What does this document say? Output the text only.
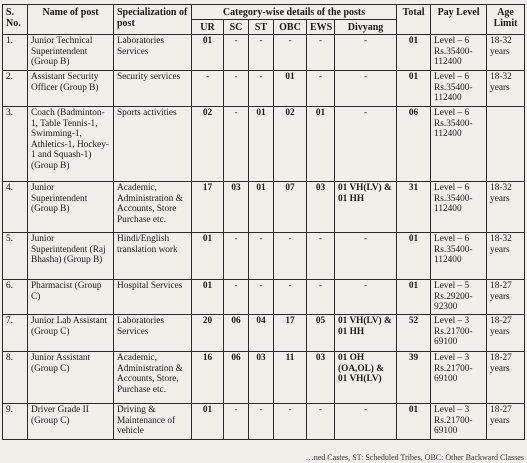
S. No.	Name of post	Specialization of post	Category-wise details of the posts						Total	Pay Level	Age Limit
			UR	SC	ST	OBC	EWS	Divyang			
1.	Junior Technical Superintendent (Group B)	Laboratories Services	01	-	-	-	-	-	01	Level – 6 Rs.35400-112400	18-32 years
2.	Assistant Security Officer (Group B)	Security services	-	-	-	01	-	-	01	Level – 6 Rs.35400-112400	18-32 years
3.	Coach (Badminton-1, Table Tennis-1, Swimming-1, Athletics-1, Hockey-1 and Squash-1) (Group B)	Sports activities	02	-	01	02	01	-	06	Level – 6 Rs.35400-112400	
4.	Junior Superintendent (Group B)	Academic, Administration & Accounts, Store Purchase etc.	17	03	01	07	03	01 VH(LV) & 01 HH	31	Level – 6 Rs.35400-112400	18-32 years
5.	Junior Superintendent (Raj Bhasha) (Group B)	Hindi/English translation work	01	-	-	-	-	-	01	Level – 6 Rs.35400-112400	18-32 years
6.	Pharmacist (Group C)	Hospital Services	01	-	-	-	-	-	01	Level – 5 Rs.29200-92300	18-27 years
7.	Junior Lab Assistant (Group C)	Laboratories Services	20	06	04	17	05	01 VH(LV) & 01 HH	52	Level – 3 Rs.21700-69100	18-27 years
8.	Junior Assistant (Group C)	Academic, Administration & Accounts, Store, Purchase etc.	16	06	03	11	03	01 OH (OA,OL) & 01 VH(LV)	39	Level – 3 Rs.21700-69100	18-27 years
9.	Driver Grade II (Group C)	Driving & Maintenance of vehicle	01	-	-	-	-	-	01	Level – 3 Rs.21700-69100	18-27 years
…ned Castes, ST: Scheduled Tribes, OBC: Other Backward Classes
